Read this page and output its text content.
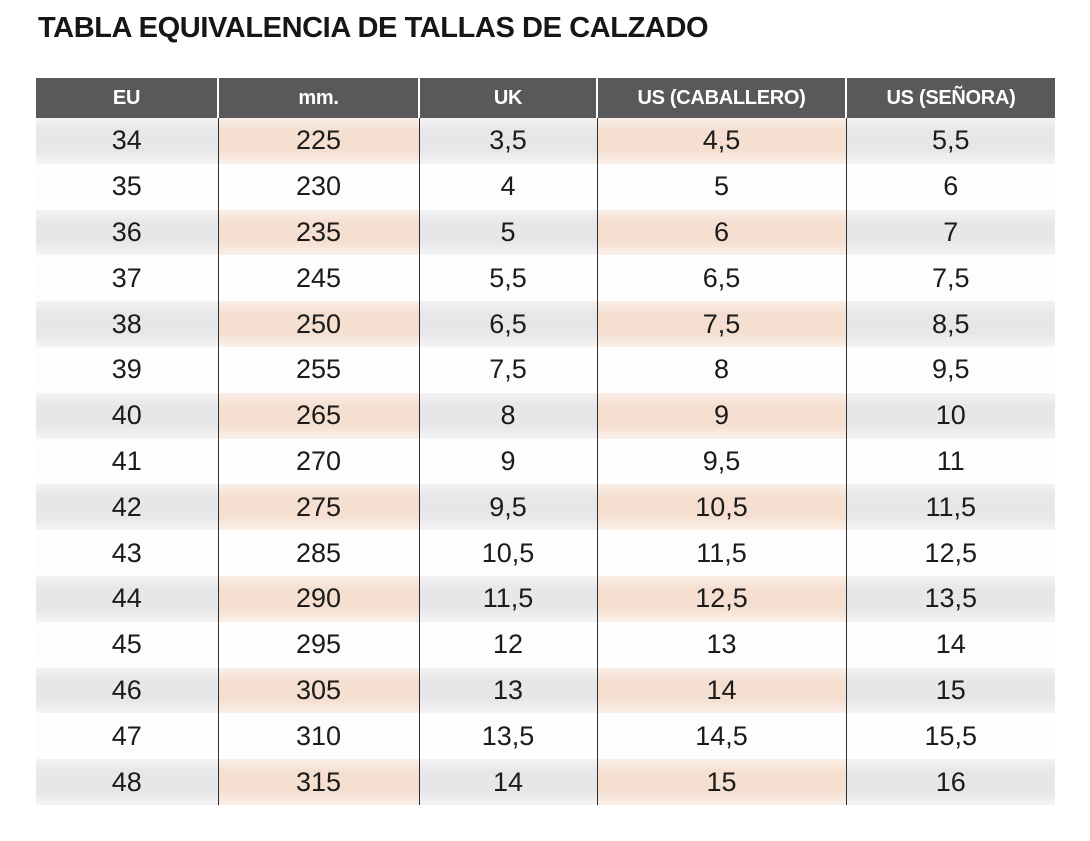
TABLA EQUIVALENCIA DE TALLAS DE CALZADO
EU	mm.	UK	US (CABALLERO)	US (SEÑORA)
34	225	3,5	4,5	5,5
35	230	4	5	6
36	235	5	6	7
37	245	5,5	6,5	7,5
38	250	6,5	7,5	8,5
39	255	7,5	8	9,5
40	265	8	9	10
41	270	9	9,5	11
42	275	9,5	10,5	11,5
43	285	10,5	11,5	12,5
44	290	11,5	12,5	13,5
45	295	12	13	14
46	305	13	14	15
47	310	13,5	14,5	15,5
48	315	14	15	16
